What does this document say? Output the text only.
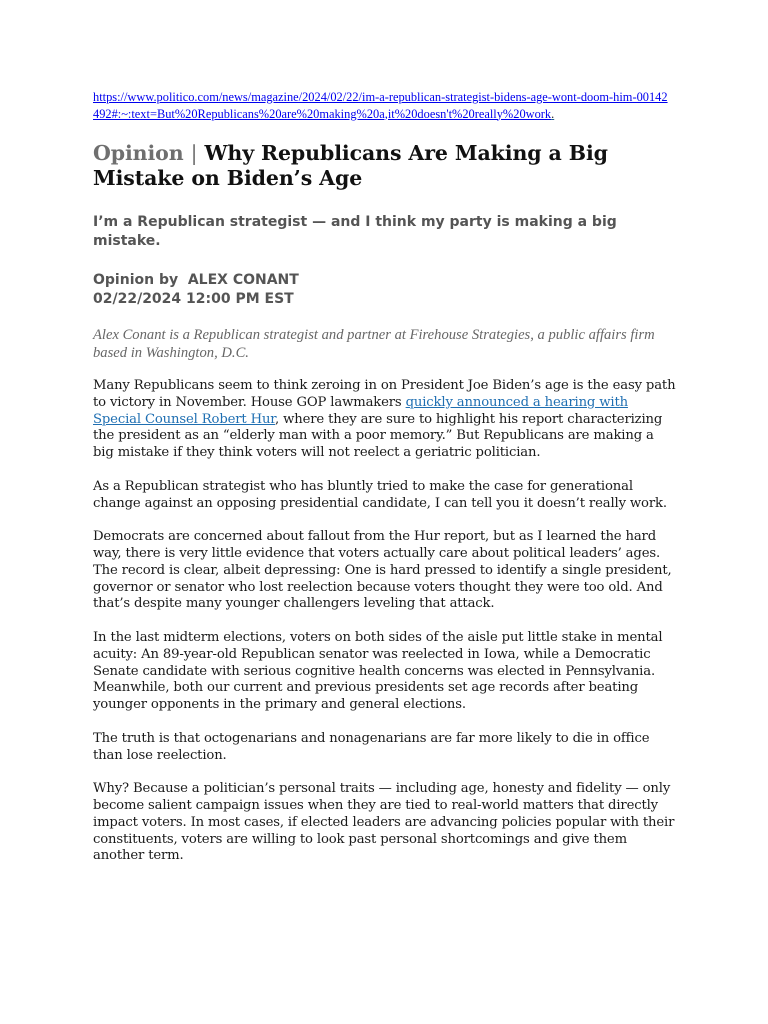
https://www.politico.com/news/magazine/2024/02/22/im-a-republican-strategist-bidens-age-wont-doom-him-00142492#:~:text=But%20Republicans%20are%20making%20a,it%20doesn't%20really%20work.

Opinion | Why Republicans Are Making a Big Mistake on Biden’s Age

I’m a Republican strategist — and I think my party is making a big mistake.

Opinion by ALEX CONANT
02/22/2024 12:00 PM EST

Alex Conant is a Republican strategist and partner at Firehouse Strategies, a public affairs firm based in Washington, D.C.

Many Republicans seem to think zeroing in on President Joe Biden’s age is the easy path to victory in November. House GOP lawmakers quickly announced a hearing with Special Counsel Robert Hur, where they are sure to highlight his report characterizing the president as an “elderly man with a poor memory.” But Republicans are making a big mistake if they think voters will not reelect a geriatric politician.

As a Republican strategist who has bluntly tried to make the case for generational change against an opposing presidential candidate, I can tell you it doesn’t really work.

Democrats are concerned about fallout from the Hur report, but as I learned the hard way, there is very little evidence that voters actually care about political leaders’ ages. The record is clear, albeit depressing: One is hard pressed to identify a single president, governor or senator who lost reelection because voters thought they were too old. And that’s despite many younger challengers leveling that attack.

In the last midterm elections, voters on both sides of the aisle put little stake in mental acuity: An 89-year-old Republican senator was reelected in Iowa, while a Democratic Senate candidate with serious cognitive health concerns was elected in Pennsylvania. Meanwhile, both our current and previous presidents set age records after beating younger opponents in the primary and general elections.

The truth is that octogenarians and nonagenarians are far more likely to die in office than lose reelection.

Why? Because a politician’s personal traits — including age, honesty and fidelity — only become salient campaign issues when they are tied to real-world matters that directly impact voters. In most cases, if elected leaders are advancing policies popular with their constituents, voters are willing to look past personal shortcomings and give them another term.
